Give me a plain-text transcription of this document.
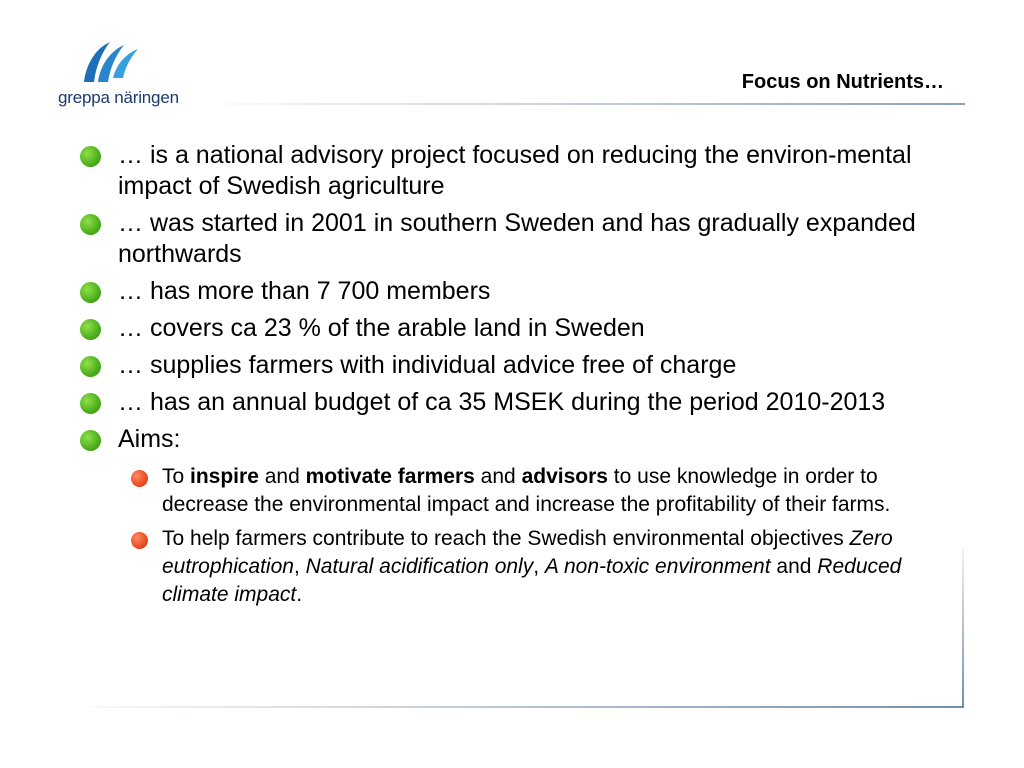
greppa näringen
Focus on Nutrients…
… is a national advisory project focused on reducing the environ-mental impact of Swedish agriculture
… was started in 2001 in southern Sweden and has gradually expanded northwards
… has more than 7 700 members
… covers ca 23 % of the arable land in Sweden
… supplies farmers with individual advice free of charge
… has an annual budget of ca 35 MSEK during the period 2010-2013
Aims:
To inspire and motivate farmers and advisors to use knowledge in order to decrease the environmental impact and increase the profitability of their farms.
To help farmers contribute to reach the Swedish environmental objectives Zero eutrophication, Natural acidification only, A non-toxic environment and Reduced climate impact.
